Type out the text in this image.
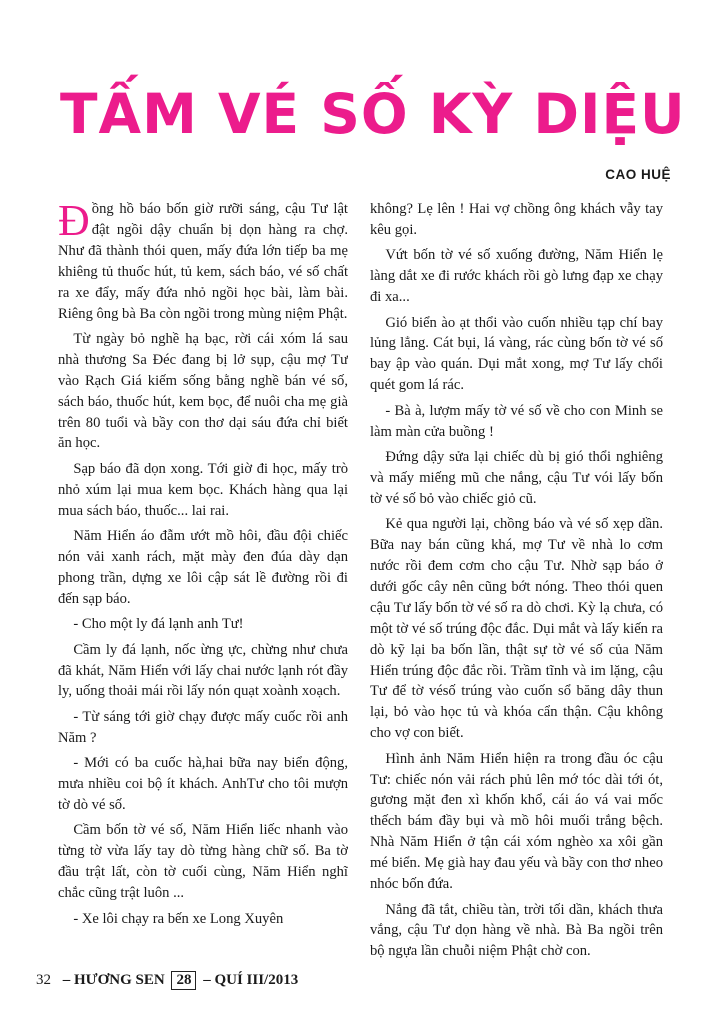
TẤM VÉ SỐ KỲ DIỆU
CAO HUỆ

Đồng hồ báo bốn giờ rưỡi sáng, cậu Tư lật đật ngồi dậy chuẩn bị dọn hàng ra chợ. Như đã thành thói quen, mấy đứa lớn tiếp ba mẹ khiêng tủ thuốc hút, tủ kem, sách báo, vé số chất ra xe đẩy, mấy đứa nhỏ ngồi học bài, làm bài. Riêng ông bà Ba còn ngồi trong mùng niệm Phật.

Từ ngày bỏ nghề hạ bạc, rời cái xóm lá sau nhà thương Sa Đéc đang bị lở sụp, cậu mợ Tư vào Rạch Giá kiếm sống bằng nghề bán vé số, sách báo, thuốc hút, kem bọc, để nuôi cha mẹ già trên 80 tuổi và bầy con thơ dại sáu đứa chỉ biết ăn học.

Sạp báo đã dọn xong. Tới giờ đi học, mấy trò nhỏ xúm lại mua kem bọc. Khách hàng qua lại mua sách báo, thuốc... lai rai.

Năm Hiển áo đẫm ướt mồ hôi, đầu đội chiếc nón vải xanh rách, mặt mày đen đúa dày dạn phong trần, dựng xe lôi cập sát lề đường rồi đi đến sạp báo.

- Cho một ly đá lạnh anh Tư!

Cầm ly đá lạnh, nốc ừng ực, chừng như chưa đã khát, Năm Hiển với lấy chai nước lạnh rót đầy ly, uống thoải mái rồi lấy nón quạt xoành xoạch.

- Từ sáng tới giờ chạy được mấy cuốc rồi anh Năm ?

- Mới có ba cuốc hà,hai bữa nay biển động, mưa nhiều coi bộ ít khách. AnhTư cho tôi mượn tờ dò vé số.

Cầm bốn tờ vé số, Năm Hiển liếc nhanh vào từng tờ vừa lấy tay dò từng hàng chữ số. Ba tờ đầu trật lất, còn tờ cuối cùng, Năm Hiển nghĩ chắc cũng trật luôn ...

- Xe lôi chạy ra bến xe Long Xuyên

không? Lẹ lên ! Hai vợ chồng ông khách vẫy tay kêu gọi.

Vứt bốn tờ vé số xuống đường, Năm Hiển lẹ làng dắt xe đi rước khách rồi gò lưng đạp xe chạy đi xa...

Gió biển ào ạt thổi vào cuốn nhiều tạp chí bay lủng lẳng. Cát bụi, lá vàng, rác cùng bốn tờ vé số bay ập vào quán. Dụi mắt xong, mợ Tư lấy chổi quét gom lá rác.

- Bà à, lượm mấy tờ vé số về cho con Minh se làm màn cửa buồng !

Đứng dậy sửa lại chiếc dù bị gió thổi nghiêng và mấy miếng mũ che nắng, cậu Tư vói lấy bốn tờ vé số bỏ vào chiếc giỏ cũ.

Kẻ qua người lại, chồng báo và vé số xẹp dần. Bữa nay bán cũng khá, mợ Tư về nhà lo cơm nước rồi đem cơm cho cậu Tư. Nhờ sạp báo ở dưới gốc cây nên cũng bớt nóng. Theo thói quen cậu Tư lấy bốn tờ vé số ra dò chơi. Kỳ lạ chưa, có một tờ vé số trúng độc đắc. Dụi mắt và lấy kiến ra dò kỹ lại ba bốn lần, thật sự tờ vé số của Năm Hiển trúng độc đắc rồi. Trầm tĩnh và im lặng, cậu Tư để tờ vésố trúng vào cuốn sổ băng dây thun lại, bỏ vào học tủ và khóa cẩn thận. Cậu không cho vợ con biết.

Hình ảnh Năm Hiển hiện ra trong đầu óc cậu Tư: chiếc nón vải rách phủ lên mớ tóc dài tới ót, gương mặt đen xì khốn khổ, cái áo vá vai mốc thếch bám đầy bụi và mồ hôi muối trắng bệch. Nhà Năm Hiển ở tận cái xóm nghèo xa xôi gần mé biển. Mẹ già hay đau yếu và bầy con thơ nheo nhóc bốn đứa.

Nắng đã tắt, chiều tàn, trời tối dần, khách thưa vắng, cậu Tư dọn hàng về nhà. Bà Ba ngồi trên bộ ngựa lần chuỗi niệm Phật chờ con.

32 – HƯƠNG SEN 28 – QUÍ III/2013
